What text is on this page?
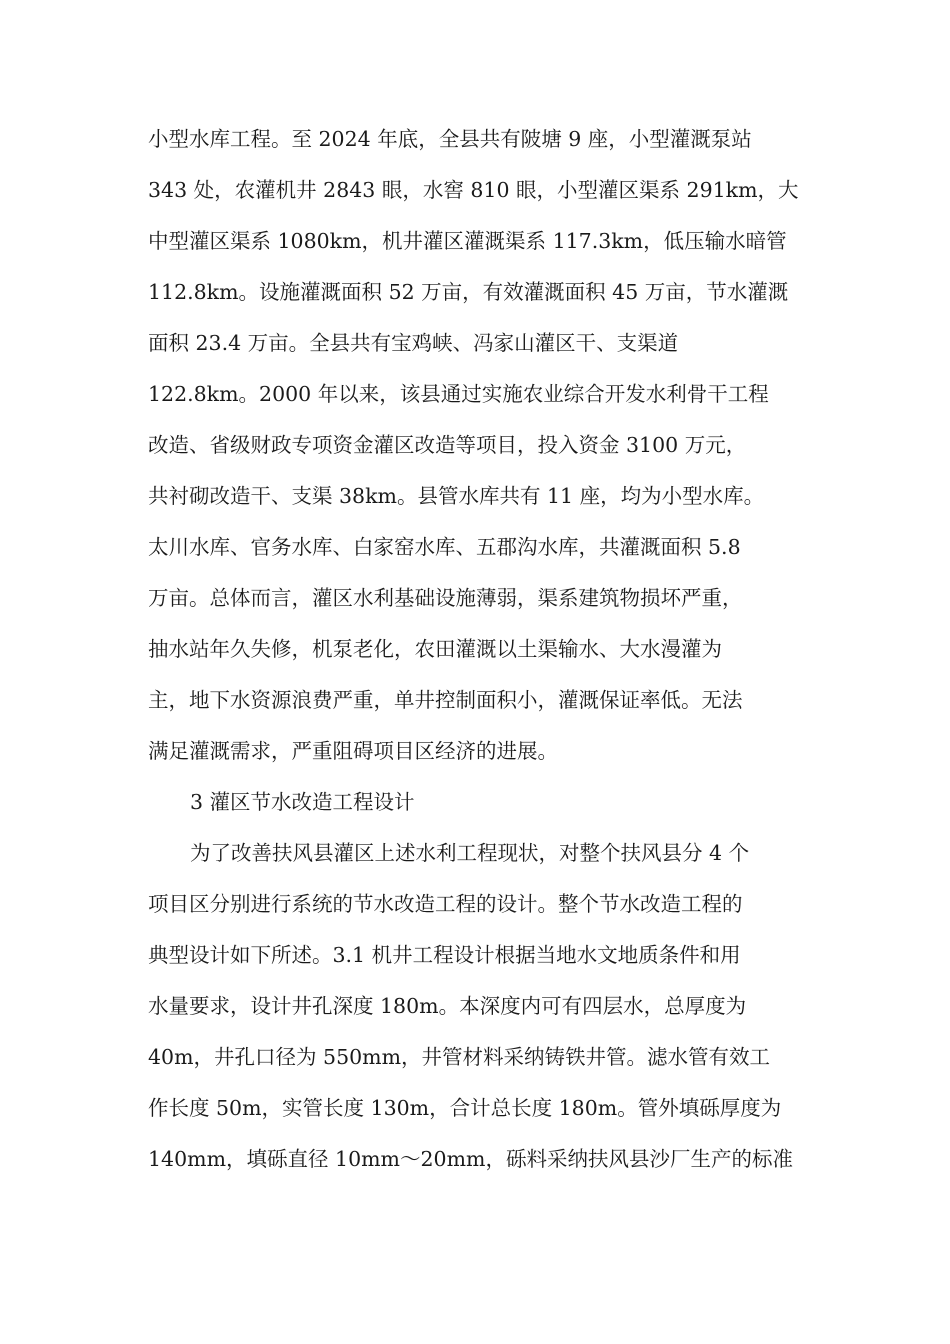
小型水库工程。至 2024 年底，全县共有陂塘 9 座，小型灌溉泵站
343 处，农灌机井 2843 眼，水窖 810 眼，小型灌区渠系 291km，大
中型灌区渠系 1080km，机井灌区灌溉渠系 117.3km，低压输水暗管
112.8km。设施灌溉面积 52 万亩，有效灌溉面积 45 万亩，节水灌溉
面积 23.4 万亩。全县共有宝鸡峡、冯家山灌区干、支渠道
122.8km。2000 年以来，该县通过实施农业综合开发水利骨干工程
改造、省级财政专项资金灌区改造等项目，投入资金 3100 万元，
共衬砌改造干、支渠 38km。县管水库共有 11 座，均为小型水库。
太川水库、官务水库、白家窑水库、五郡沟水库，共灌溉面积 5.8
万亩。总体而言，灌区水利基础设施薄弱，渠系建筑物损坏严重，
抽水站年久失修，机泵老化，农田灌溉以土渠输水、大水漫灌为
主，地下水资源浪费严重，单井控制面积小，灌溉保证率低。无法
满足灌溉需求，严重阻碍项目区经济的进展。
3 灌区节水改造工程设计
为了改善扶风县灌区上述水利工程现状，对整个扶风县分 4 个
项目区分别进行系统的节水改造工程的设计。整个节水改造工程的
典型设计如下所述。3.1 机井工程设计根据当地水文地质条件和用
水量要求，设计井孔深度 180m。本深度内可有四层水，总厚度为
40m，井孔口径为 550mm，井管材料采纳铸铁井管。滤水管有效工
作长度 50m，实管长度 130m，合计总长度 180m。管外填砾厚度为
140mm，填砾直径 10mm～20mm，砾料采纳扶风县沙厂生产的标准
